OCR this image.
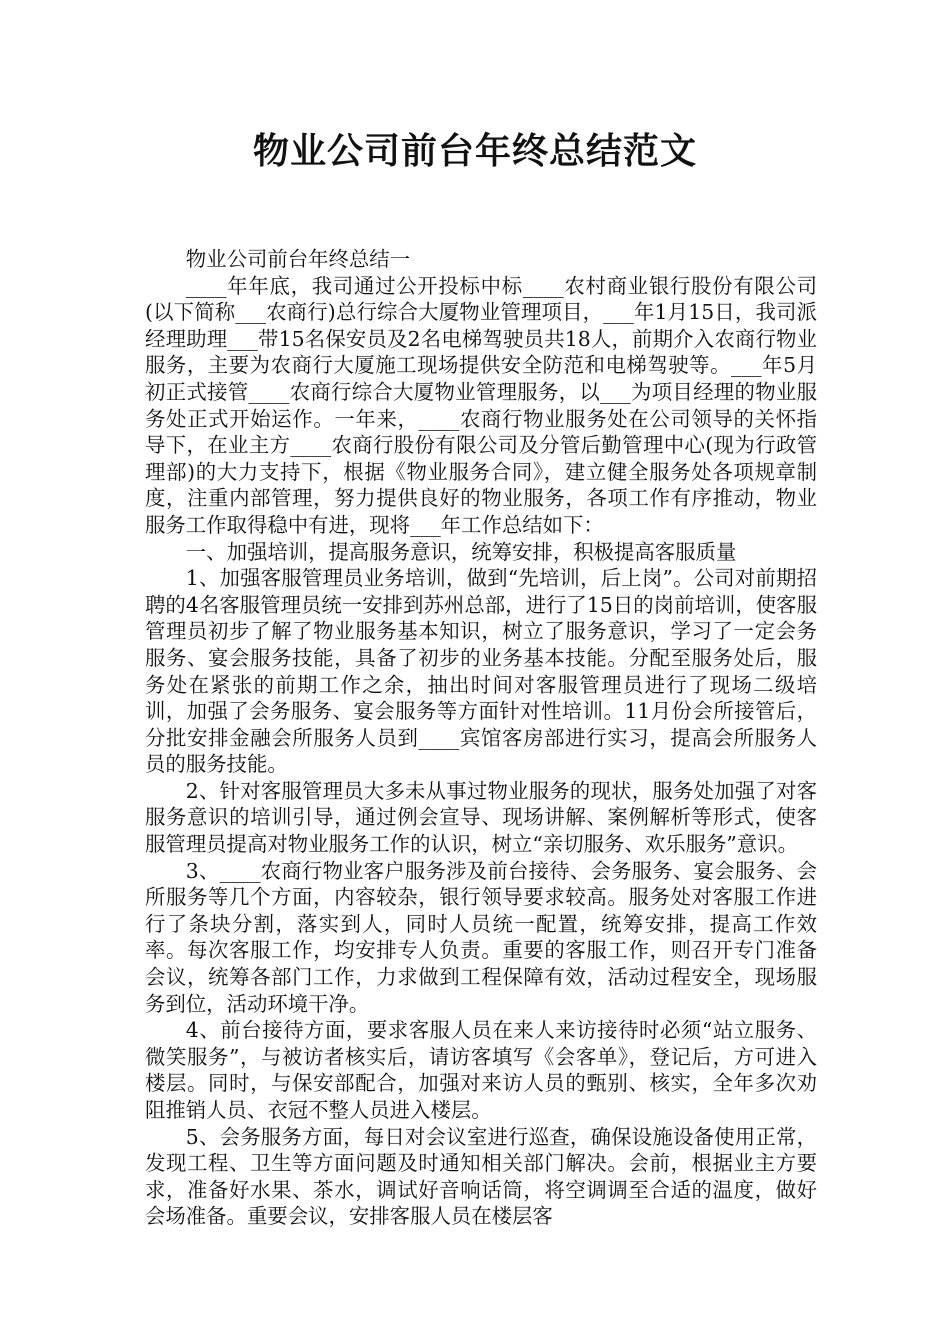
物业公司前台年终总结范文

物业公司前台年终总结一

____年年底，我司通过公开投标中标____农村商业银行股份有限公司(以下简称___农商行)总行综合大厦物业管理项目，___年1月15日，我司派经理助理___带15名保安员及2名电梯驾驶员共18人，前期介入农商行物业服务，主要为农商行大厦施工现场提供安全防范和电梯驾驶等。___年5月初正式接管____农商行综合大厦物业管理服务，以___为项目经理的物业服务处正式开始运作。一年来，____农商行物业服务处在公司领导的关怀指导下，在业主方____农商行股份有限公司及分管后勤管理中心(现为行政管理部)的大力支持下，根据《物业服务合同》，建立健全服务处各项规章制度，注重内部管理，努力提供良好的物业服务，各项工作有序推动，物业服务工作取得稳中有进，现将___年工作总结如下：

一、加强培训，提高服务意识，统筹安排，积极提高客服质量

1、加强客服管理员业务培训，做到“先培训，后上岗”。公司对前期招聘的4名客服管理员统一安排到苏州总部，进行了15日的岗前培训，使客服管理员初步了解了物业服务基本知识，树立了服务意识，学习了一定会务服务、宴会服务技能，具备了初步的业务基本技能。分配至服务处后，服务处在紧张的前期工作之余，抽出时间对客服管理员进行了现场二级培训，加强了会务服务、宴会服务等方面针对性培训。11月份会所接管后，分批安排金融会所服务人员到____宾馆客房部进行实习，提高会所服务人员的服务技能。

2、针对客服管理员大多未从事过物业服务的现状，服务处加强了对客服务意识的培训引导，通过例会宣导、现场讲解、案例解析等形式，使客服管理员提高对物业服务工作的认识，树立“亲切服务、欢乐服务”意识。

3、____农商行物业客户服务涉及前台接待、会务服务、宴会服务、会所服务等几个方面，内容较杂，银行领导要求较高。服务处对客服工作进行了条块分割，落实到人，同时人员统一配置，统筹安排，提高工作效率。每次客服工作，均安排专人负责。重要的客服工作，则召开专门准备会议，统筹各部门工作，力求做到工程保障有效，活动过程安全，现场服务到位，活动环境干净。

4、前台接待方面，要求客服人员在来人来访接待时必须“站立服务、微笑服务”，与被访者核实后，请访客填写《会客单》，登记后，方可进入楼层。同时，与保安部配合，加强对来访人员的甄别、核实，全年多次劝阻推销人员、衣冠不整人员进入楼层。

5、会务服务方面，每日对会议室进行巡查，确保设施设备使用正常，发现工程、卫生等方面问题及时通知相关部门解决。会前，根据业主方要求，准备好水果、茶水，调试好音响话筒，将空调调至合适的温度，做好会场准备。重要会议，安排客服人员在楼层客
